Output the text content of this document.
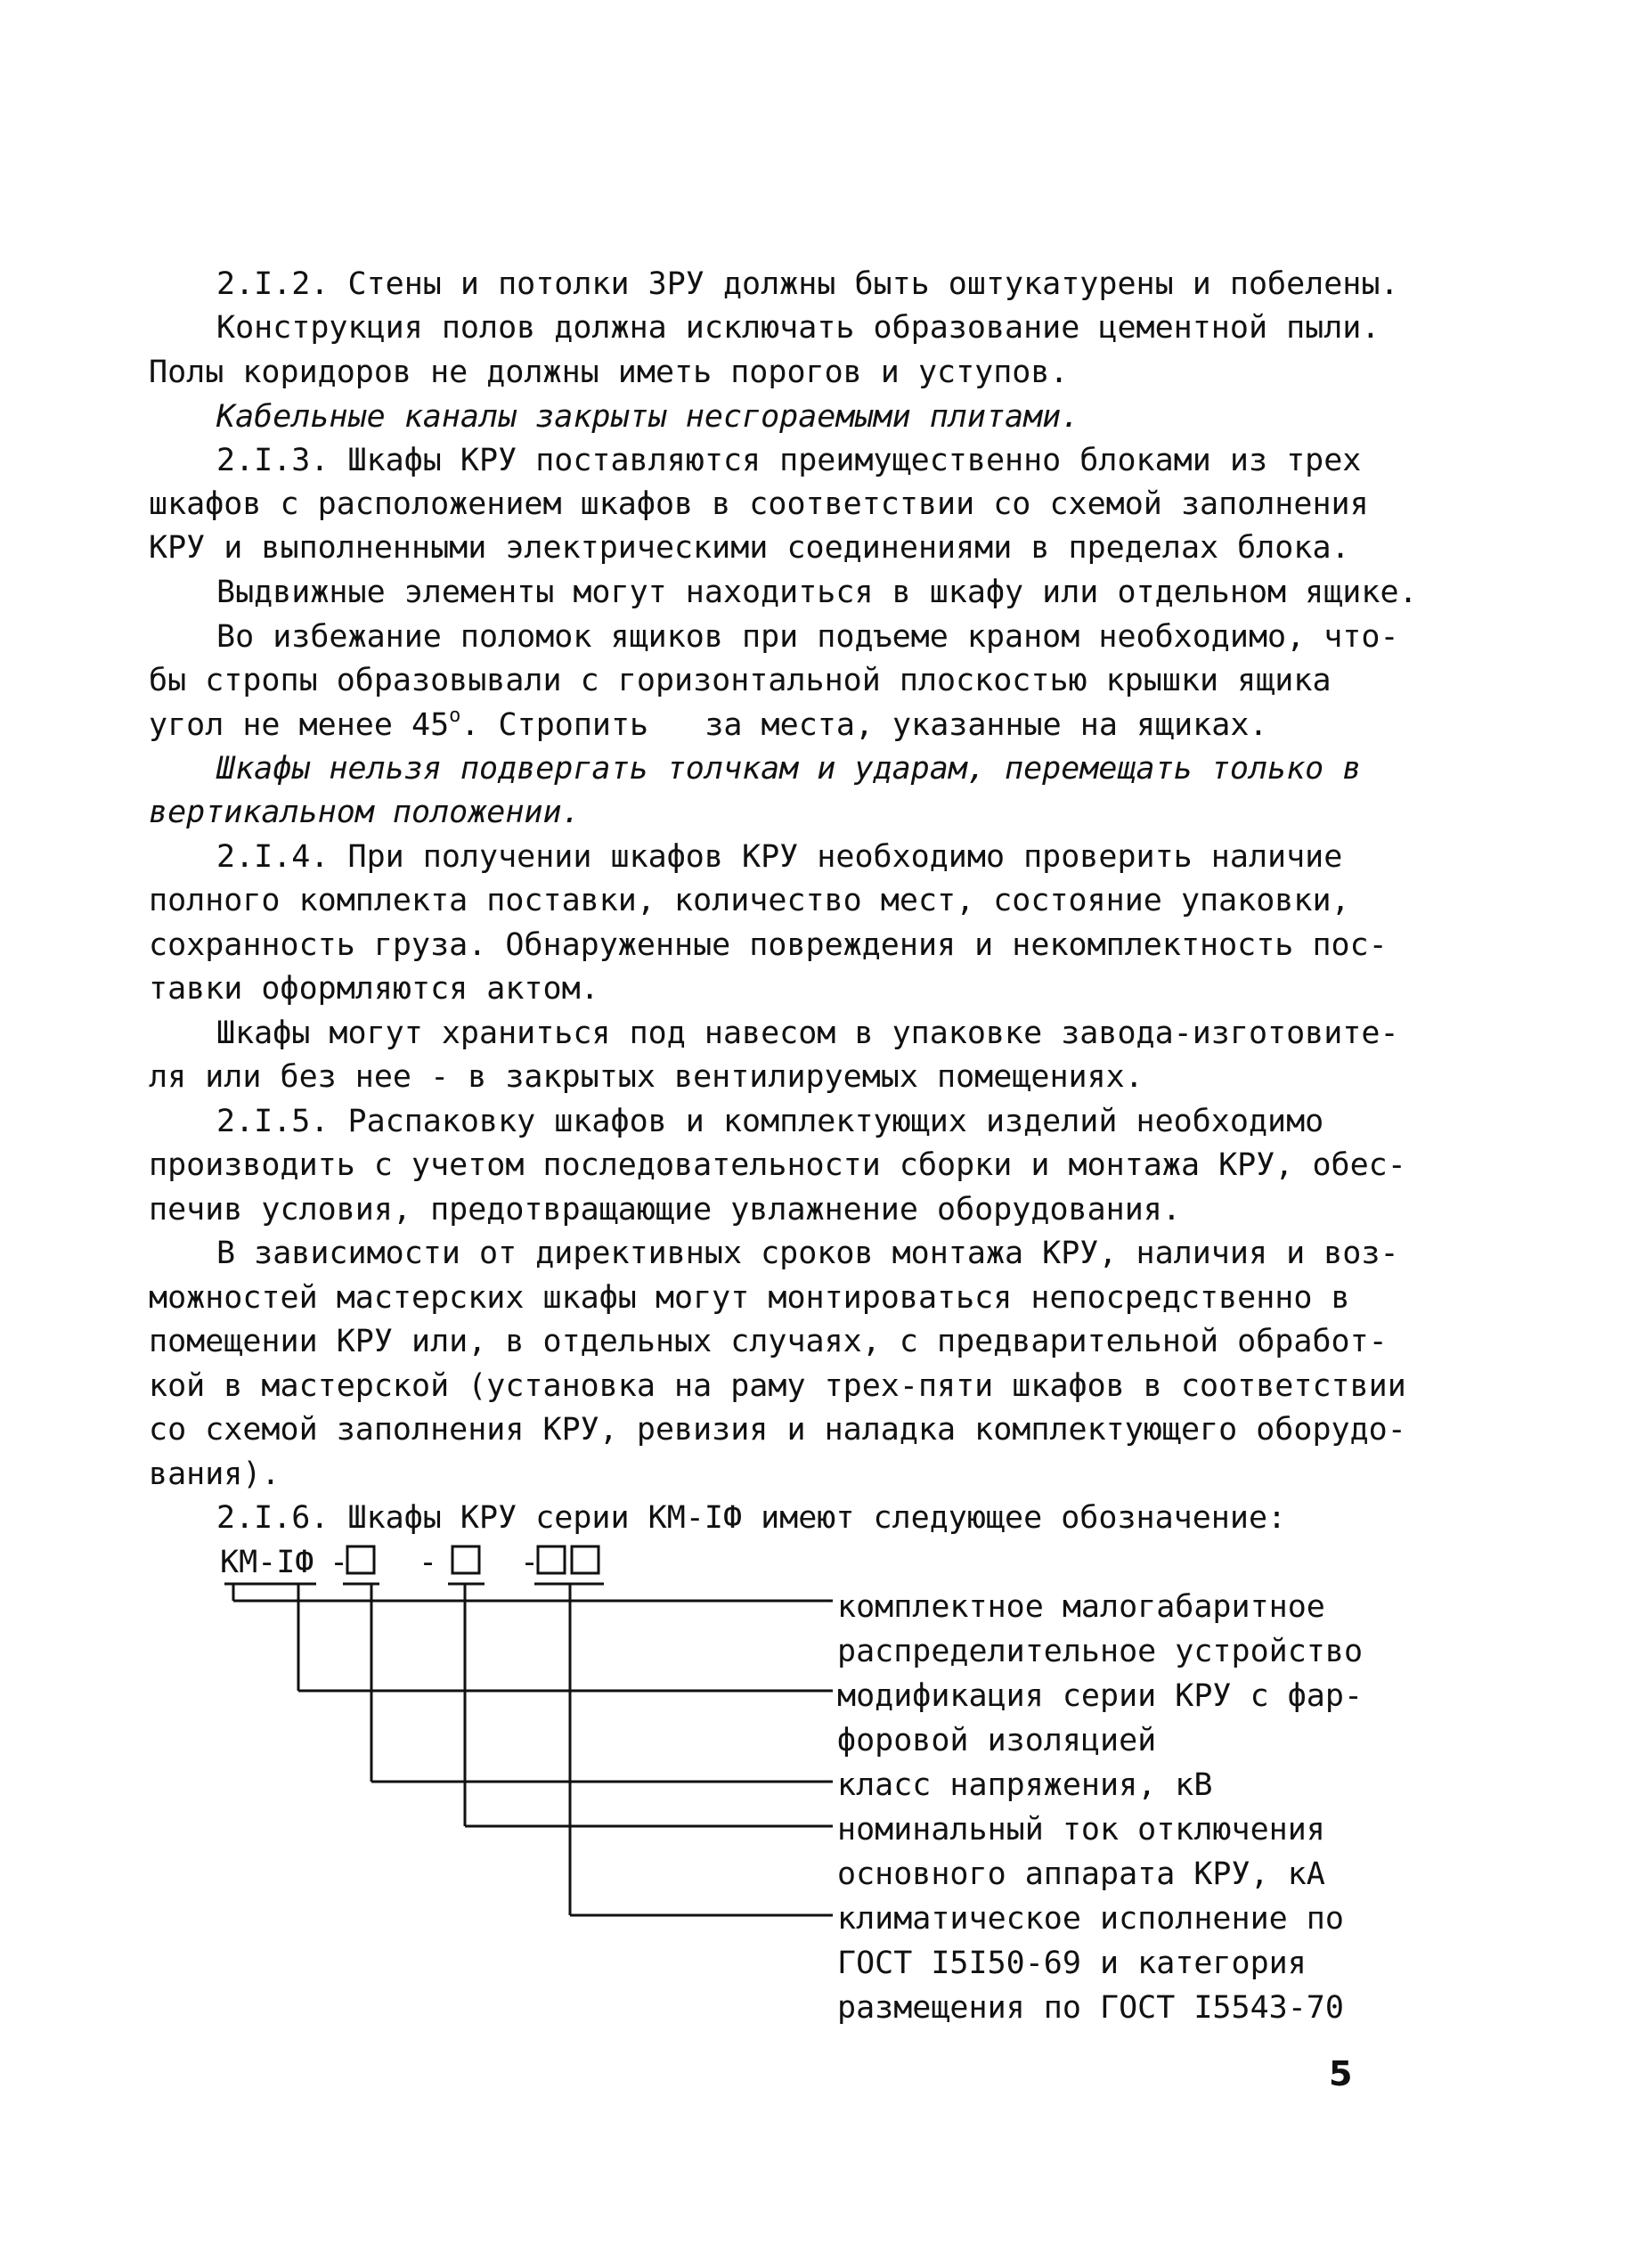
2.I.2. Стены и потолки ЗРУ должны быть оштукатурены и побелены.
Конструкция полов должна исключать образование цементной пыли.
Полы коридоров не должны иметь порогов и уступов.
Кабельные каналы закрыты несгораемыми плитами.
2.I.3. Шкафы КРУ поставляются преимущественно блоками из трех
шкафов с расположением шкафов в соответствии со схемой заполнения
КРУ и выполненными электрическими соединениями в пределах блока.
Выдвижные элементы могут находиться в шкафу или отдельном ящике.
Во избежание поломок ящиков при подъеме краном необходимо, что-
бы стропы образовывали с горизонтальной плоскостью крышки ящика
угол не менее 45$^o$. Стропить   за места, указанные на ящиках.
Шкафы нельзя подвергать толчкам и ударам, перемещать только в
вертикальном положении.
2.I.4. При получении шкафов КРУ необходимо проверить наличие
полного комплекта поставки, количество мест, состояние упаковки,
сохранность груза. Обнаруженные повреждения и некомплектность пос-
тавки оформляются актом.
Шкафы могут храниться под навесом в упаковке завода-изготовите-
ля или без нее - в закрытых вентилируемых помещениях.
2.I.5. Распаковку шкафов и комплектующих изделий необходимо
производить с учетом последовательности сборки и монтажа КРУ, обес-
печив условия, предотвращающие увлажнение оборудования.
В зависимости от директивных сроков монтажа КРУ, наличия и воз-
можностей мастерских шкафы могут монтироваться непосредственно в
помещении КРУ или, в отдельных случаях, с предварительной обработ-
кой в мастерской (установка на раму трех-пяти шкафов в соответствии
со схемой заполнения КРУ, ревизия и наладка комплектующего оборудо-
вания).
2.I.6. Шкафы КРУ серии КМ-IФ имеют следующее обозначение:
КМ-IФ - -	-
комплектное малогабаритное
распределительное устройство
модификация серии КРУ с фар-
форовой изоляцией
класс напряжения, кВ
номинальный ток отключения
основного аппарата КРУ, кА
климатическое исполнение по
ГОСТ I5I50-69 и категория
размещения по ГОСТ I5543-70
5
